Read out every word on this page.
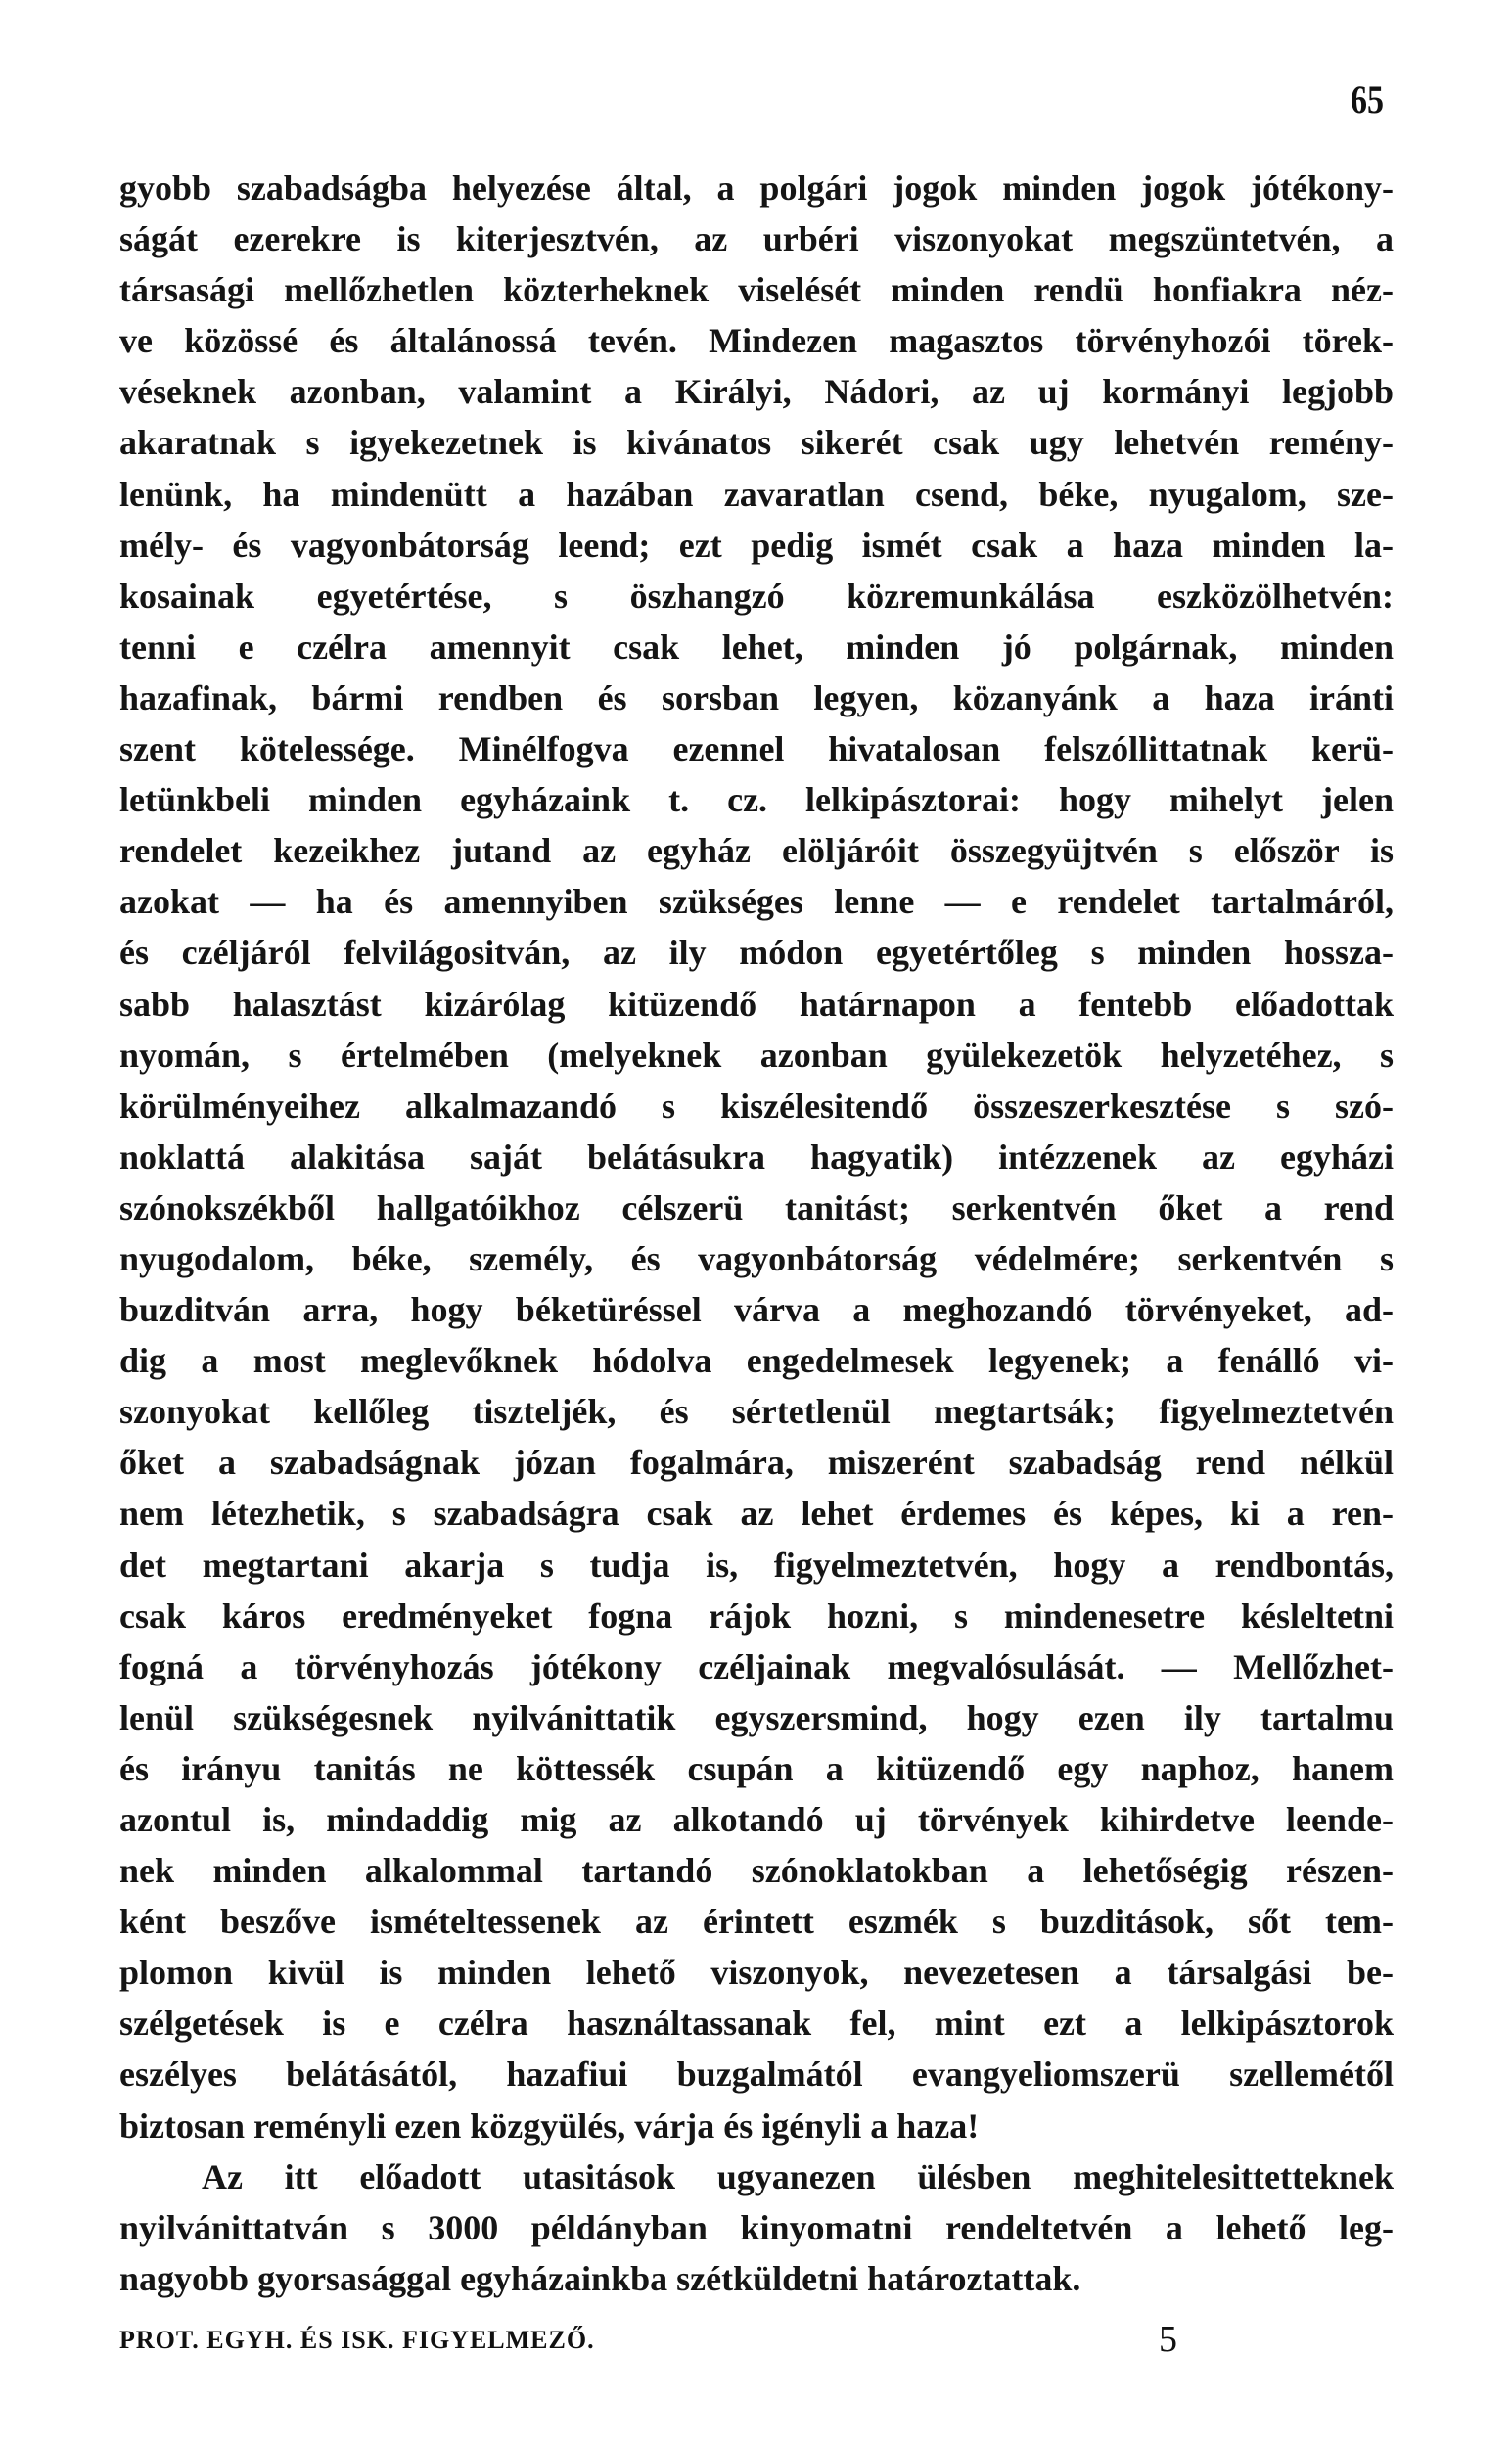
65
gyobb szabadságba helyezése által, a polgári jogok minden jogok jótékony-
ságát ezerekre is kiterjesztvén, az urbéri viszonyokat megszüntetvén, a
társasági mellőzhetlen közterheknek viselését minden rendü honfiakra néz-
ve közössé és általánossá tevén. Mindezen magasztos törvényhozói törek-
véseknek azonban, valamint a Királyi, Nádori, az uj kormányi legjobb
akaratnak s igyekezetnek is kivánatos sikerét csak ugy lehetvén remény-
lenünk, ha mindenütt a hazában zavaratlan csend, béke, nyugalom, sze-
mély- és vagyonbátorság leend; ezt pedig ismét csak a haza minden la-
kosainak egyetértése, s öszhangzó közremunkálása eszközölhetvén:
tenni e czélra amennyit csak lehet, minden jó polgárnak, minden
hazafinak, bármi rendben és sorsban legyen, közanyánk a haza iránti
szent kötelessége. Minélfogva ezennel hivatalosan felszóllittatnak kerü-
letünkbeli minden egyházaink t. cz. lelkipásztorai: hogy mihelyt jelen
rendelet kezeikhez jutand az egyház elöljáróit összegyüjtvén s először is
azokat — ha és amennyiben szükséges lenne — e rendelet tartalmáról,
és czéljáról felvilágositván, az ily módon egyetértőleg s minden hossza-
sabb halasztást kizárólag kitüzendő határnapon a fentebb előadottak
nyomán, s értelmében (melyeknek azonban gyülekezetök helyzetéhez, s
körülményeihez alkalmazandó s kiszélesitendő összeszerkesztése s szó-
noklattá alakitása saját belátásukra hagyatik) intézzenek az egyházi
szónokszékből hallgatóikhoz célszerü tanitást; serkentvén őket a rend
nyugodalom, béke, személy, és vagyonbátorság védelmére; serkentvén s
buzditván arra, hogy béketüréssel várva a meghozandó törvényeket, ad-
dig a most meglevőknek hódolva engedelmesek legyenek; a fenálló vi-
szonyokat kellőleg tiszteljék, és sértetlenül megtartsák; figyelmeztetvén
őket a szabadságnak józan fogalmára, miszerént szabadság rend nélkül
nem létezhetik, s szabadságra csak az lehet érdemes és képes, ki a ren-
det megtartani akarja s tudja is, figyelmeztetvén, hogy a rendbontás,
csak káros eredményeket fogna rájok hozni, s mindenesetre késleltetni
fogná a törvényhozás jótékony czéljainak megvalósulását. — Mellőzhet-
lenül szükségesnek nyilvánittatik egyszersmind, hogy ezen ily tartalmu
és irányu tanitás ne köttessék csupán a kitüzendő egy naphoz, hanem
azontul is, mindaddig mig az alkotandó uj törvények kihirdetve leende-
nek minden alkalommal tartandó szónoklatokban a lehetőségig részen-
ként beszőve ismételtessenek az érintett eszmék s buzditások, sőt tem-
plomon kivül is minden lehető viszonyok, nevezetesen a társalgási be-
szélgetések is e czélra használtassanak fel, mint ezt a lelkipásztorok
eszélyes belátásától, hazafiui buzgalmától evangyeliomszerü szellemétől
biztosan reményli ezen közgyülés, várja és igényli a haza!
Az itt előadott utasitások ugyanezen ülésben meghitelesittetteknek
nyilvánittatván s 3000 példányban kinyomatni rendeltetvén a lehető leg-
nagyobb gyorsasággal egyházainkba szétküldetni határoztattak.
PROT. EGYH. ÉS ISK. FIGYELMEZŐ.	5
